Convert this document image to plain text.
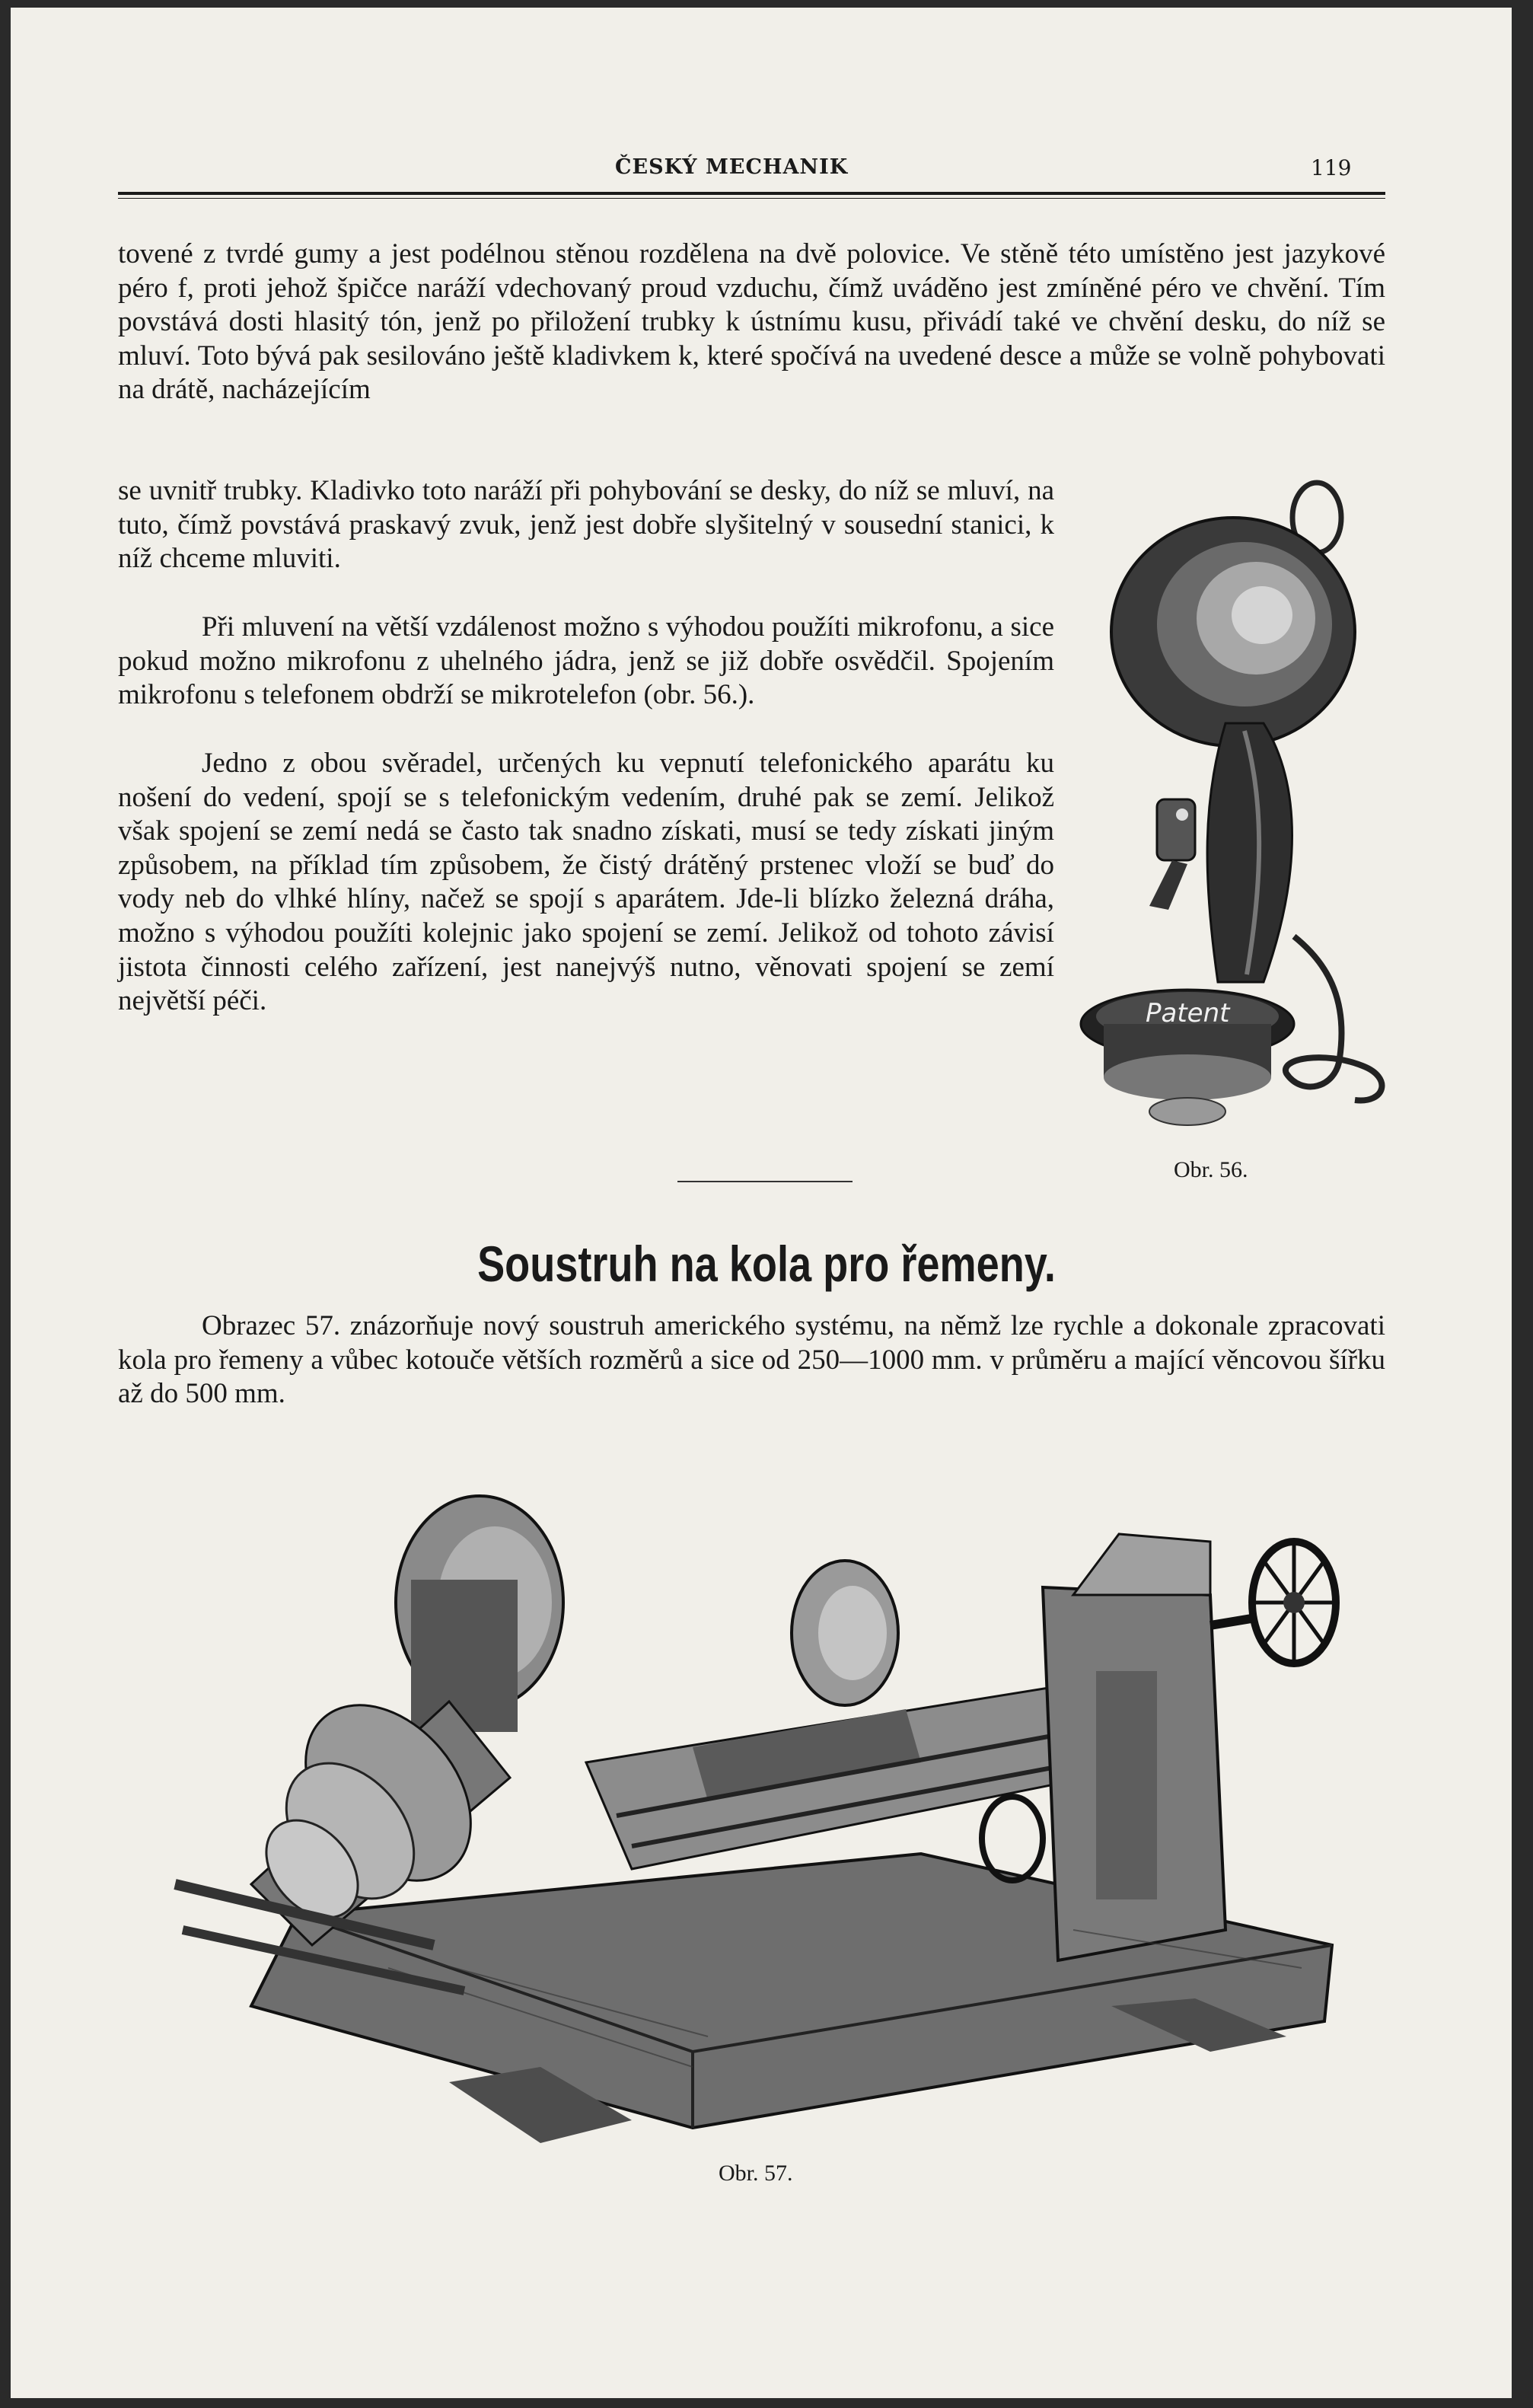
ČESKÝ MECHANIK	119

tovené z tvrdé gumy a jest podélnou stěnou rozdělena na dvě polovice. Ve stěně této umístěno jest jazykové péro f, proti jehož špičce naráží vdechovaný proud vzduchu, čímž uváděno jest zmíněné péro ve chvění. Tím povstává dosti hlasitý tón, jenž po přiložení trubky k ústnímu kusu, přivádí také ve chvění desku, do níž se mluví. Toto bývá pak sesilováno ještě kladivkem k, které spočívá na uvedené desce a může se volně pohybovati na drátě, nacházejícím

se uvnitř trubky. Kladivko toto naráží při pohybování se desky, do níž se mluví, na tuto, čímž povstává praskavý zvuk, jenž jest dobře slyšitelný v sousední stanici, k níž chceme mluviti.

Při mluvení na větší vzdálenost možno s výhodou použíti mikrofonu, a sice pokud možno mikrofonu z uhelného jádra, jenž se již dobře osvědčil. Spojením mikrofonu s telefonem obdrží se mikrotelefon (obr. 56.).

Jedno z obou svěradel, určených ku vepnutí telefonického aparátu ku nošení do vedení, spojí se s telefonickým vedením, druhé pak se zemí. Jelikož však spojení se zemí nedá se často tak snadno získati, musí se tedy získati jiným způsobem, na příklad tím způsobem, že čistý drátěný prstenec vloží se buď do vody neb do vlhké hlíny, načež se spojí s aparátem. Jde-li blízko železná dráha, možno s výhodou použíti kolejnic jako spojení se zemí. Jelikož od tohoto závisí jistota činnosti celého zařízení, jest nanejvýš nutno, věnovati spojení se zemí největší péči.	Patent
Obr. 56.
Soustruh na kola pro řemeny.

Obrazec 57. znázorňuje nový soustruh amerického systému, na němž lze rychle a dokonale zpracovati kola pro řemeny a vůbec kotouče větších rozměrů a sice od 250—1000 mm. v průměru a mající věncovou šířku až do 500 mm.

Obr. 57.
